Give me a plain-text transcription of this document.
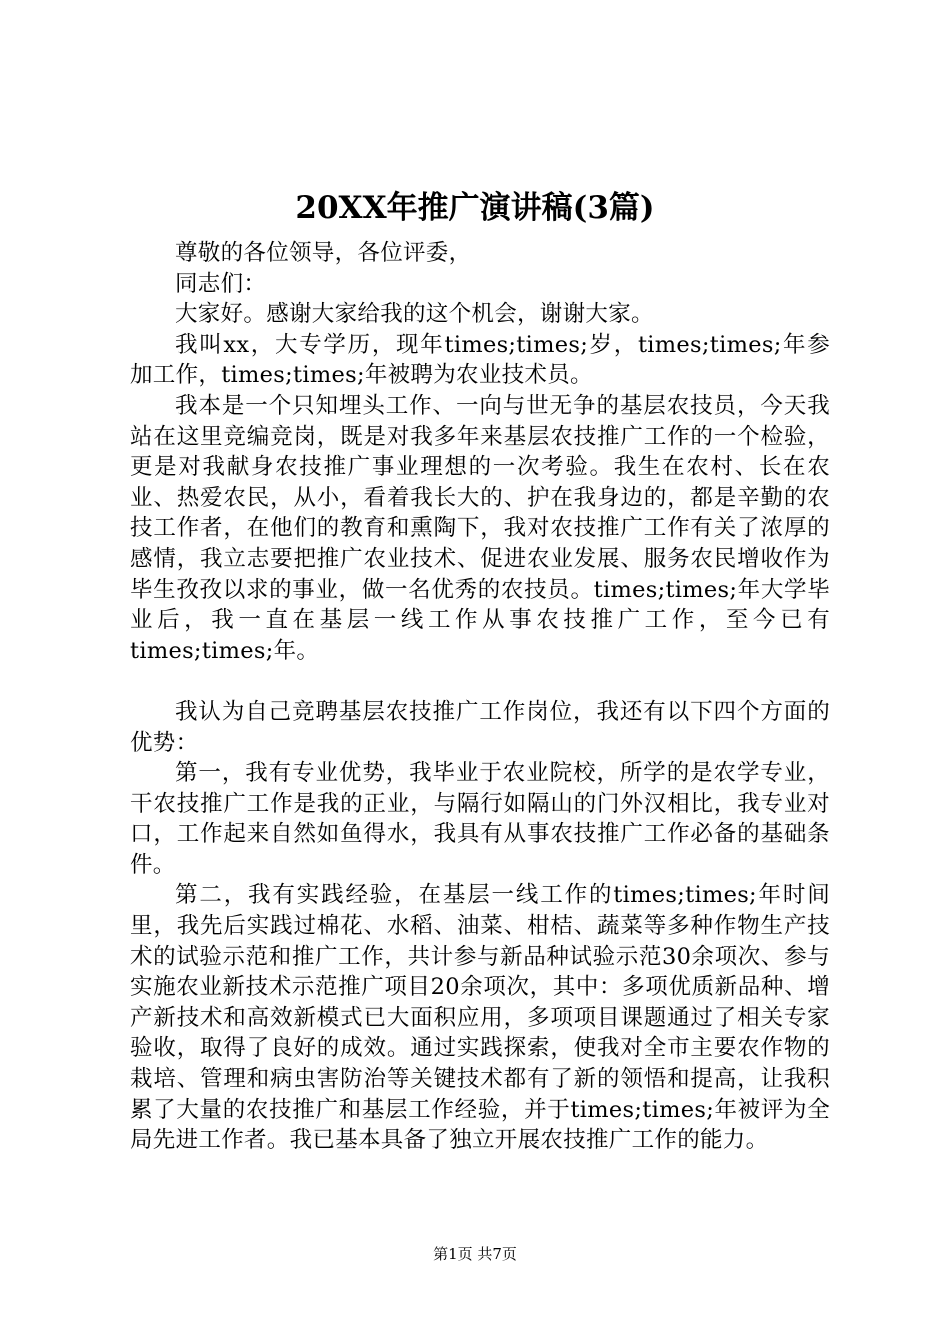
20XX年推广演讲稿(3篇)

尊敬的各位领导，各位评委，

同志们：

大家好。感谢大家给我的这个机会，谢谢大家。

我叫xx，大专学历，现年times;times;岁，times;times;年参加工作，times;times;年被聘为农业技术员。

我本是一个只知埋头工作、一向与世无争的基层农技员，今天我站在这里竞编竞岗，既是对我多年来基层农技推广工作的一个检验，更是对我献身农技推广事业理想的一次考验。我生在农村、长在农业、热爱农民，从小，看着我长大的、护在我身边的，都是辛勤的农技工作者，在他们的教育和熏陶下，我对农技推广工作有关了浓厚的感情，我立志要把推广农业技术、促进农业发展、服务农民增收作为毕生孜孜以求的事业，做一名优秀的农技员。times;times;年大学毕业后，我一直在基层一线工作从事农技推广工作，至今已有times;times;年。

我认为自己竞聘基层农技推广工作岗位，我还有以下四个方面的优势：

第一，我有专业优势，我毕业于农业院校，所学的是农学专业，干农技推广工作是我的正业，与隔行如隔山的门外汉相比，我专业对口，工作起来自然如鱼得水，我具有从事农技推广工作必备的基础条件。

第二，我有实践经验，在基层一线工作的times;times;年时间里，我先后实践过棉花、水稻、油菜、柑桔、蔬菜等多种作物生产技术的试验示范和推广工作，共计参与新品种试验示范30余项次、参与实施农业新技术示范推广项目20余项次，其中：多项优质新品种、增产新技术和高效新模式已大面积应用，多项项目课题通过了相关专家验收，取得了良好的成效。通过实践探索，使我对全市主要农作物的栽培、管理和病虫害防治等关键技术都有了新的领悟和提高，让我积累了大量的农技推广和基层工作经验，并于times;times;年被评为全局先进工作者。我已基本具备了独立开展农技推广工作的能力。

第1页 共7页
